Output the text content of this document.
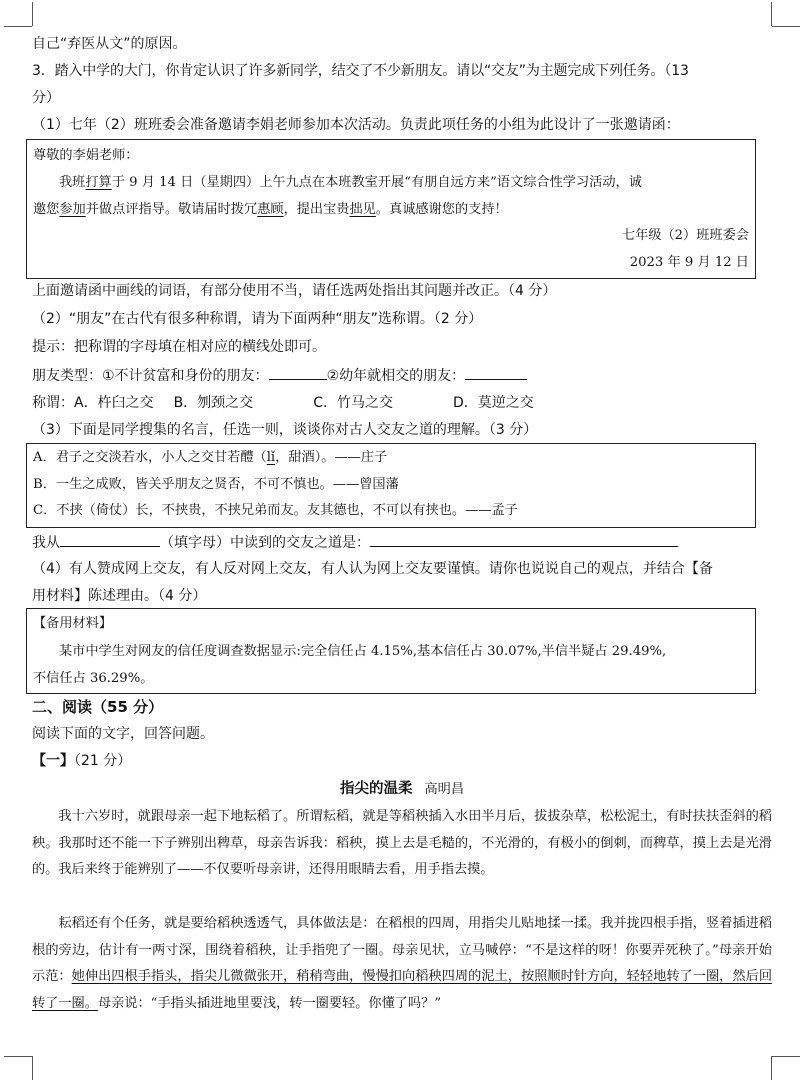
自己“弃医从文”的原因。
3．踏入中学的大门，你肯定认识了许多新同学，结交了不少新朋友。请以“交友”为主题完成下列任务。（13
分）
（1）七年（2）班班委会准备邀请李娟老师参加本次活动。负责此项任务的小组为此设计了一张邀请函：
尊敬的李娟老师：
我班打算于 9 月 14 日（星期四）上午九点在本班教室开展“有朋自远方来”语文综合性学习活动，诚
邀您参加并做点评指导。敬请届时拨冗惠顾，提出宝贵拙见。真诚感谢您的支持！
七年级（2）班班委会
2023 年 9 月 12 日
上面邀请函中画线的词语，有部分使用不当，请任选两处指出其问题并改正。（4 分）
（2）“朋友”在古代有很多种称谓，请为下面两种“朋友”选称谓。（2 分）
提示：把称谓的字母填在相对应的横线处即可。
朋友类型：①不计贫富和身份的朋友：	②幼年就相交的朋友：
称谓：A．杵臼之交 B．刎颈之交	C．竹马之交	D．莫逆之交
（3）下面是同学搜集的名言，任选一则，谈谈你对古人交友之道的理解。（3 分）
A．君子之交淡若水，小人之交甘若醴（lǐ，甜酒）。——庄子
B．一生之成败，皆关乎朋友之贤否，不可不慎也。——曾国藩
C．不挟（倚仗）长，不挟贵，不挟兄弟而友。友其德也，不可以有挟也。——孟子
我从	（填字母）中读到的交友之道是：
（4）有人赞成网上交友，有人反对网上交友，有人认为网上交友要谨慎。请你也说说自己的观点，并结合【备
用材料】陈述理由。（4 分）
【备用材料】
某市中学生对网友的信任度调查数据显示:完全信任占 4.15%,基本信任占 30.07%,半信半疑占 29.49%,
不信任占 36.29%。
二、阅读（55 分）
阅读下面的文字，回答问题。
【一】（21 分）
指尖的温柔 高明昌
我十六岁时，就跟母亲一起下地耘稻了。所谓耘稻，就是等稻秧插入水田半月后，拔拔杂草，松松泥土，有时扶扶歪斜的稻秧。我那时还不能一下子辨别出稗草，母亲告诉我：稻秧，摸上去是毛糙的，不光滑的，有极小的倒刺，而稗草，摸上去是光滑的。我后来终于能辨别了——不仅要听母亲讲，还得用眼睛去看，用手指去摸。
耘稻还有个任务，就是要给稻秧透透气，具体做法是：在稻根的四周，用指尖儿贴地揉一揉。我并拢四根手指，竖着插进稻根的旁边，估计有一两寸深，围绕着稻秧，让手指兜了一圈。母亲见状，立马喊停：“不是这样的呀！你要弄死秧了。”母亲开始示范：她伸出四根手指头，指尖儿微微张开，稍稍弯曲，慢慢扣向稻秧四周的泥土，按照顺时针方向，轻轻地转了一圈，然后回转了一圈。母亲说：“手指头插进地里要浅，转一圈要轻。你懂了吗？”
